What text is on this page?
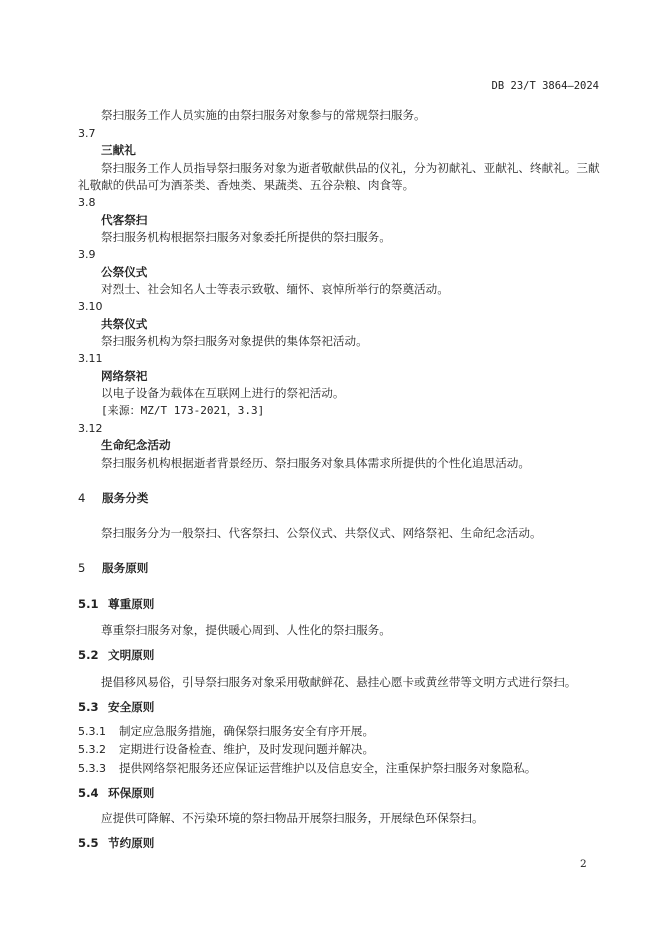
DB 23/T 3864—2024
祭扫服务工作人员实施的由祭扫服务对象参与的常规祭扫服务。
3.7
三献礼
祭扫服务工作人员指导祭扫服务对象为逝者敬献供品的仪礼，分为初献礼、亚献礼、终献礼。三献
礼敬献的供品可为酒茶类、香烛类、果蔬类、五谷杂粮、肉食等。
3.8
代客祭扫
祭扫服务机构根据祭扫服务对象委托所提供的祭扫服务。
3.9
公祭仪式
对烈士、社会知名人士等表示致敬、缅怀、哀悼所举行的祭奠活动。
3.10
共祭仪式
祭扫服务机构为祭扫服务对象提供的集体祭祀活动。
3.11
网络祭祀
以电子设备为载体在互联网上进行的祭祀活动。
[来源：MZ/T 173-2021，3.3]
3.12
生命纪念活动
祭扫服务机构根据逝者背景经历、祭扫服务对象具体需求所提供的个性化追思活动。
4 服务分类
祭扫服务分为一般祭扫、代客祭扫、公祭仪式、共祭仪式、网络祭祀、生命纪念活动。
5 服务原则
5.1 尊重原则
尊重祭扫服务对象，提供暖心周到、人性化的祭扫服务。
5.2 文明原则
提倡移风易俗，引导祭扫服务对象采用敬献鲜花、悬挂心愿卡或黄丝带等文明方式进行祭扫。
5.3 安全原则
5.3.1 制定应急服务措施，确保祭扫服务安全有序开展。
5.3.2 定期进行设备检查、维护，及时发现问题并解决。
5.3.3 提供网络祭祀服务还应保证运营维护以及信息安全，注重保护祭扫服务对象隐私。
5.4 环保原则
应提供可降解、不污染环境的祭扫物品开展祭扫服务，开展绿色环保祭扫。
5.5 节约原则
2
